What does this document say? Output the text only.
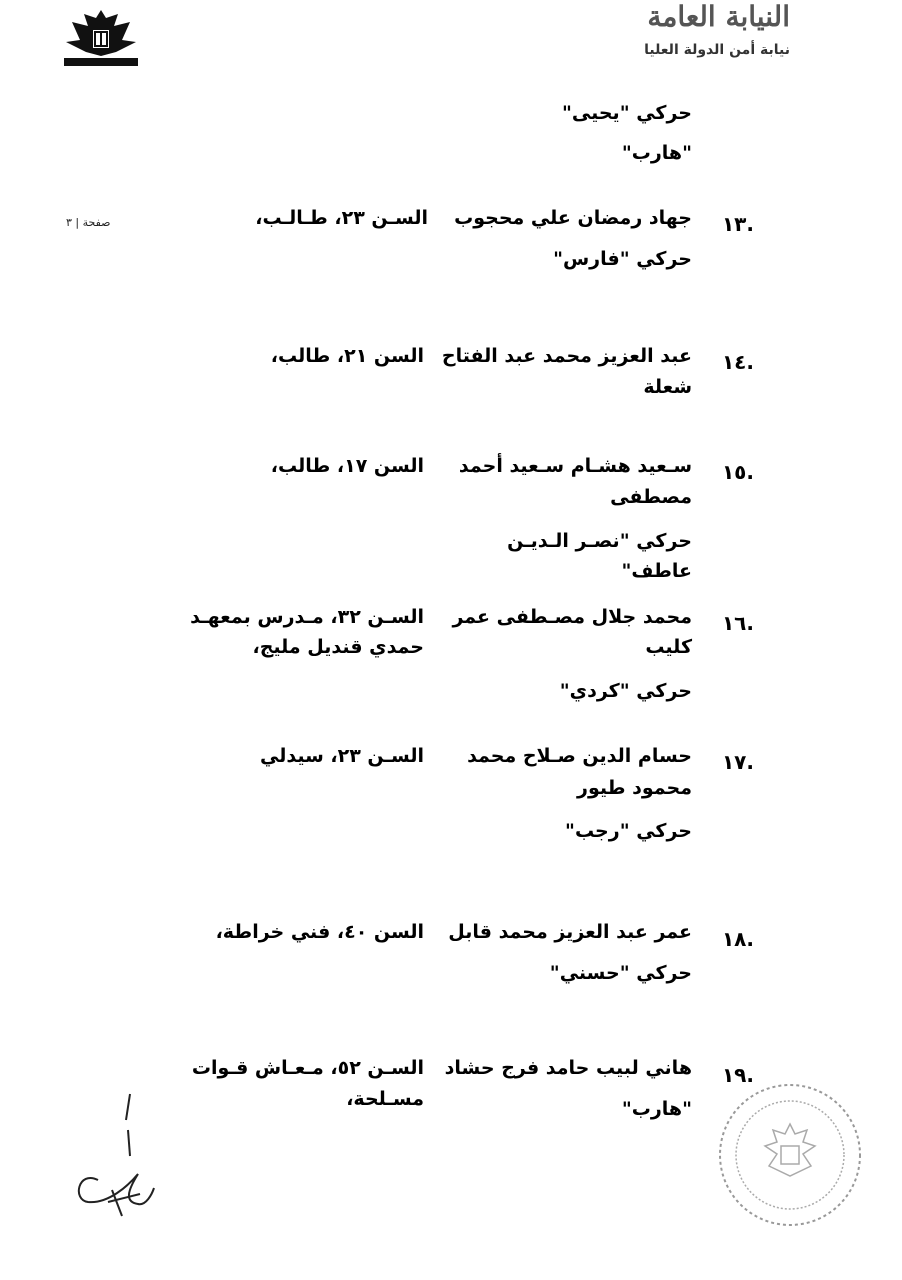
النيابة العامة
نيابة أمن الدولة العليا
صفحة | ٣
حركي "يحيى"
"هارب"
١٣.
جهاد رمضان علي محجوب
السـن ٢٣، طـالـب،
حركي "فارس"
١٤.
عبد العزيز محمد عبد الفتاح
السن ٢١، طالب،
شعلة
١٥.
سـعيد هشـام سـعيد أحمد
السن ١٧، طالب،
مصطفى
حركي "نصـر الـديـن
عاطف"
١٦.
محمد جلال مصـطفى عمر
السـن ٣٢، مـدرس بمعهـد
كليب
حمدي قنديل مليج،
حركي "كردي"
١٧.
حسام الدين صـلاح محمد
السـن ٢٣، سيدلي
محمود طيور
حركي "رجب"
١٨.
عمر عبد العزيز محمد قابل
السن ٤٠، فني خراطة،
حركي "حسني"
١٩.
هاني لبيب حامد فرج حشاد
السـن ٥٢، مـعـاش قـوات
مسـلحة،	"هارب"
